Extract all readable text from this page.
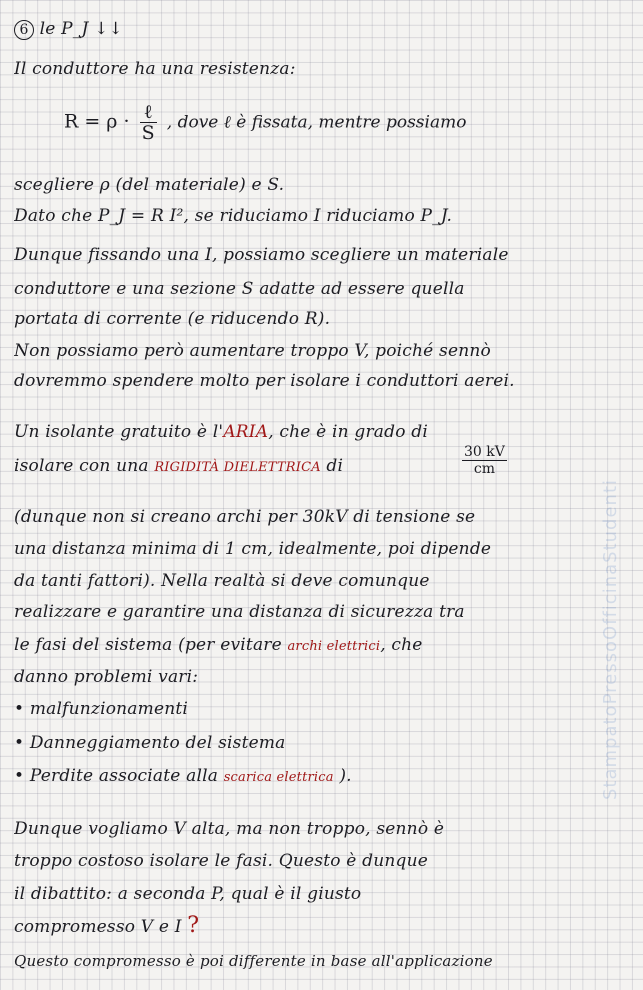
6 le P_J ↓↓
Il conduttore ha una resistenza:
$R = \rho \cdot \frac{\text{ℓ}}{S}$ , dove ℓ è fissata, mentre possiamo
scegliere ρ (del materiale) e S.
Dato che P_J = R I², se riduciamo I riduciamo P_J.
Dunque fissando una I, possiamo scegliere un materiale
conduttore e una sezione S adatte ad essere quella
portata di corrente (e riducendo R).
Non possiamo però aumentare troppo V, poiché sennò
dovremmo spendere molto per isolare i conduttori aerei.
Un isolante gratuito è l'ARIA, che è in grado di
isolare con una RIGIDITÀ DIELETTRICA di	$\frac{30 kV}{cm}$
(dunque non si creano archi per 30kV di tensione se
una distanza minima di 1 cm, idealmente, poi dipende
da tanti fattori). Nella realtà si deve comunque
realizzare e garantire una distanza di sicurezza tra
le fasi del sistema (per evitare archi elettrici, che
danno problemi vari:
• malfunzionamenti
• Danneggiamento del sistema
• Perdite associate alla scarica elettrica ).
Dunque vogliamo V alta, ma non troppo, sennò è
troppo costoso isolare le fasi. Questo è dunque
il dibattito: a seconda P, qual è il giusto
compromesso V e I ?
Questo compromesso è poi differente in base all'applicazione
StampatoPressoOfficinaStudenti
